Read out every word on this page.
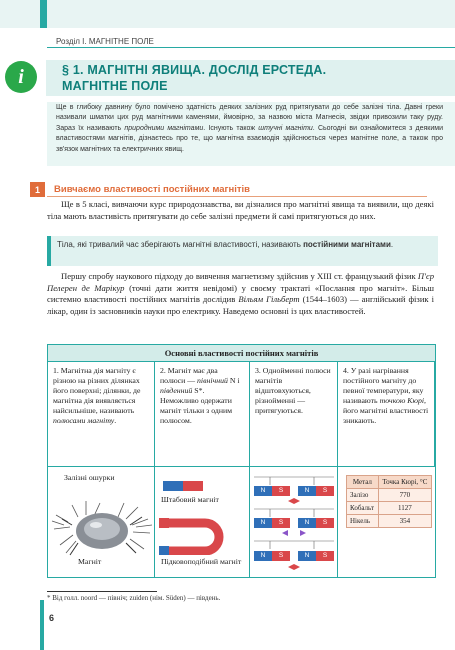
Розділ I. МАГНІТНЕ ПОЛЕ
i	§ 1. МАГНІТНІ ЯВИЩА. ДОСЛІД ЕРСТЕДА. МАГНІТНЕ ПОЛЕ
Ще в глибоку давнину було помічено здатність деяких залізних руд притягувати до себе залізні тіла. Давні греки називали шматки цих руд магнітними каменями, ймовірно, за назвою міста Магнесія, звідки привозили таку руду. Зараз їх називають природними магнітами. Існують також штучні магніти. Сьогодні ви ознайомитеся з деякими властивостями магнітів, дізнаєтесь про те, що магнітна взаємодія здійснюється через магнітне поле, а також про зв'язок магнітних та електричних явищ.
1	Вивчаємо властивості постійних магнітів
Ще в 5 класі, вивчаючи курс природознавства, ви дізналися про магнітні явища та виявили, що деякі тіла мають властивість притягувати до себе залізні предмети й самі притягуються до них.
Тіла, які тривалий час зберігають магнітні властивості, називають постійними магнітами.
Першу спробу наукового підходу до вивчення магнетизму здійснив у XIII ст. французький фізик П'єр Пелерен де Марікур (точні дати життя невідомі) у своєму трактаті «Послання про магніт». Більш системно властивості постійних магнітів дослідив Вільям Гільберт (1544–1603) — англійський фізик і лікар, один із засновників науки про електрику. Наведемо основні із цих властивостей.
Основні властивості постійних магнітів
1. Магнітна дія магніту є різною на різних ділянках його поверхні; ділянки, де магнітна дія виявляється найсильніше, називають полюсами магніту.
2. Магніт має два полюси — північний N і південний S*. Неможливо одержати магніт тільки з одним полюсом.
3. Однойменні полюси магнітів відштовхуються, різнойменні — притягуються.
4. У разі нагрівання постійного магніту до певної температури, яку називають точкою Кюрі, його магнітні властивості зникають.
Залізні ошурки
Магніт
Штабовий магніт
Підковоподібний магніт
N	S	N	S
N	S	N	S
N	S	N	S
Метал	Точка Кюрі, °С
Залізо	770
Кобальт	1127
Нікель	354
* Від голл. noord — північ; zuiden (нім. Süden) — південь.
6
